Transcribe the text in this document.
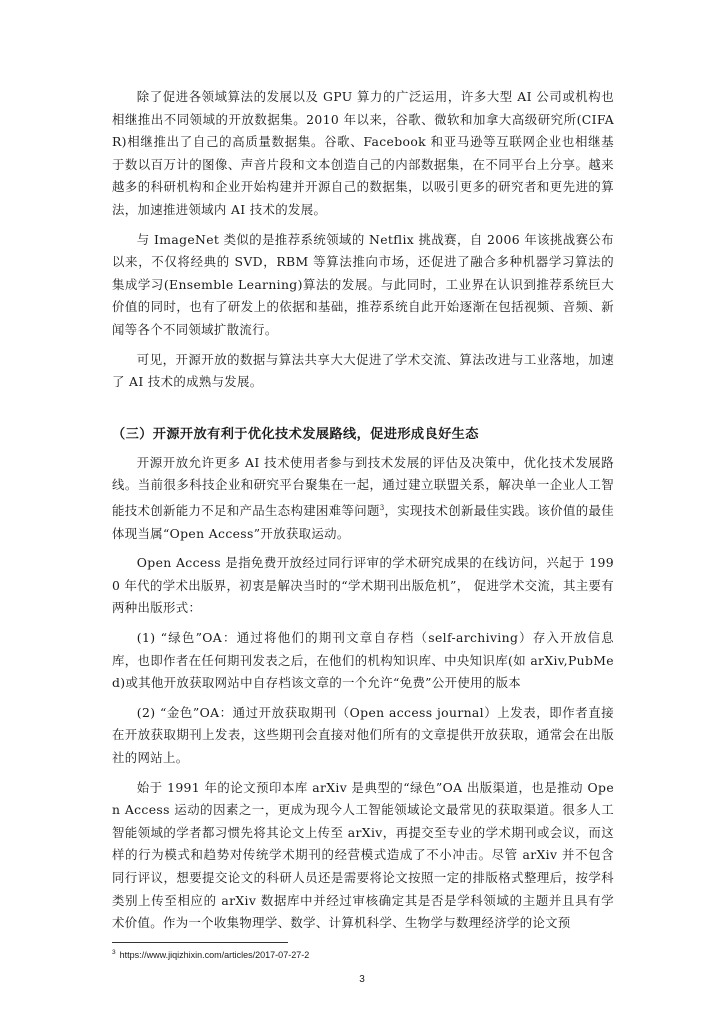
除了促进各领域算法的发展以及 GPU 算力的广泛运用，许多大型 AI 公司或机构也相继推出不同领域的开放数据集。2010 年以来，谷歌、微软和加拿大高级研究所(CIFAR)相继推出了自己的高质量数据集。谷歌、Facebook 和亚马逊等互联网企业也相继基于数以百万计的图像、声音片段和文本创造自己的内部数据集，在不同平台上分享。越来越多的科研机构和企业开始构建并开源自己的数据集，以吸引更多的研究者和更先进的算法，加速推进领域内 AI 技术的发展。

与 ImageNet 类似的是推荐系统领域的 Netflix 挑战赛，自 2006 年该挑战赛公布以来，不仅将经典的 SVD，RBM 等算法推向市场，还促进了融合多种机器学习算法的集成学习(Ensemble Learning)算法的发展。与此同时，工业界在认识到推荐系统巨大价值的同时，也有了研发上的依据和基础，推荐系统自此开始逐渐在包括视频、音频、新闻等各个不同领域扩散流行。

可见，开源开放的数据与算法共享大大促进了学术交流、算法改进与工业落地，加速了 AI 技术的成熟与发展。

（三）开源开放有利于优化技术发展路线，促进形成良好生态

开源开放允许更多 AI 技术使用者参与到技术发展的评估及决策中，优化技术发展路线。当前很多科技企业和研究平台聚集在一起，通过建立联盟关系，解决单一企业人工智能技术创新能力不足和产品生态构建困难等问题$^3$，实现技术创新最佳实践。该价值的最佳体现当属“Open Access”开放获取运动。

Open Access 是指免费开放经过同行评审的学术研究成果的在线访问，兴起于 1990 年代的学术出版界，初衷是解决当时的“学术期刊出版危机”， 促进学术交流，其主要有两种出版形式：

(1) “绿色”OA：通过将他们的期刊文章自存档（self-archiving）存入开放信息库，也即作者在任何期刊发表之后，在他们的机构知识库、中央知识库(如 arXiv,PubMed)或其他开放获取网站中自存档该文章的一个允许“免费”公开使用的版本

(2) “金色”OA：通过开放获取期刊（Open access journal）上发表，即作者直接在开放获取期刊上发表，这些期刊会直接对他们所有的文章提供开放获取，通常会在出版社的网站上。

始于 1991 年的论文预印本库 arXiv 是典型的“绿色”OA 出版渠道，也是推动 Open Access 运动的因素之一，更成为现今人工智能领域论文最常见的获取渠道。很多人工智能领域的学者都习惯先将其论文上传至 arXiv，再提交至专业的学术期刊或会议，而这样的行为模式和趋势对传统学术期刊的经营模式造成了不小冲击。尽管 arXiv 并不包含同行评议，想要提交论文的科研人员还是需要将论文按照一定的排版格式整理后，按学科类别上传至相应的 arXiv 数据库中并经过审核确定其是否是学科领域的主题并且具有学术价值。作为一个收集物理学、数学、计算机科学、生物学与数理经济学的论文预

$^3$ https://www.jiqizhixin.com/articles/2017-07-27-2
3
